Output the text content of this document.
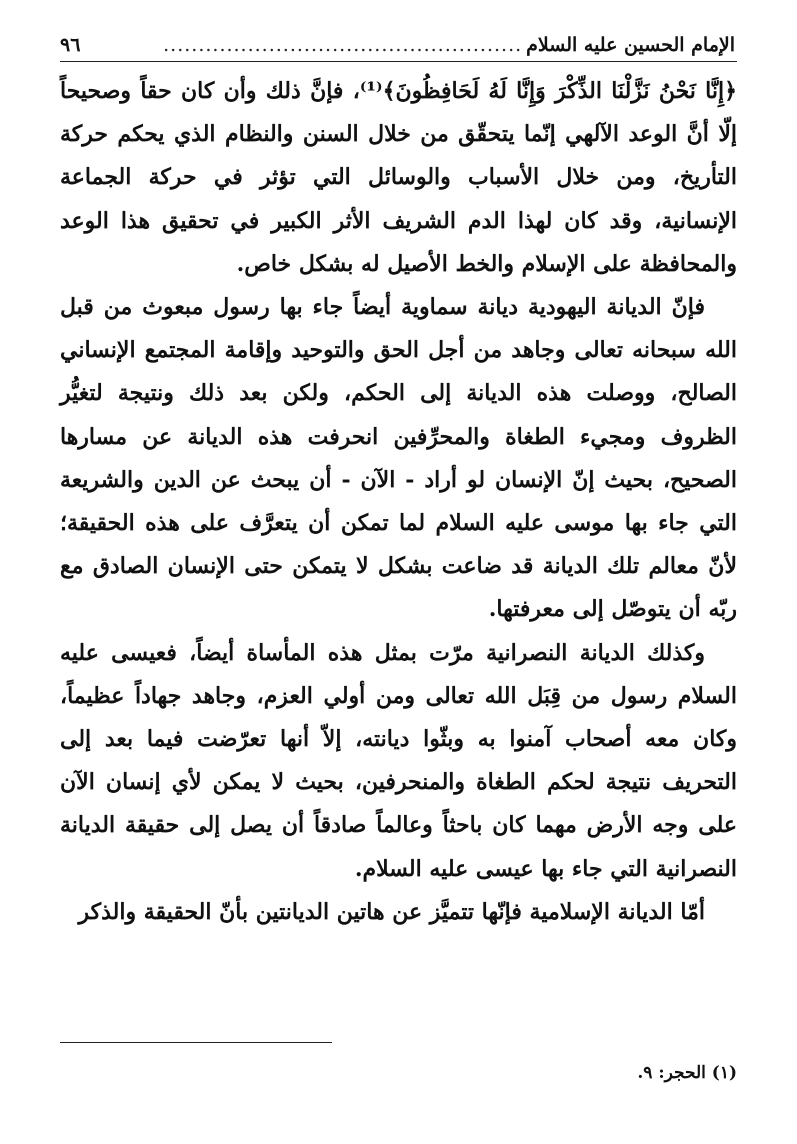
الإمام الحسين عليه السلام
...................................................
٩٦

﴿إِنَّا نَحْنُ نَزَّلْنَا الذِّكْرَ وَإِنَّا لَهُ لَحَافِظُونَ﴾⁽¹⁾، فإنَّ ذلك وأن كان حقاً وصحيحاً إلّا أنَّ الوعد الآلهي إنّما يتحقّق من خلال السنن والنظام الذي يحكم حركة التأريخ، ومن خلال الأسباب والوسائل التي تؤثر في حركة الجماعة الإنسانية، وقد كان لهذا الدم الشريف الأثر الكبير في تحقيق هذا الوعد والمحافظة على الإسلام والخط الأصيل له بشكل خاص.

فإنّ الديانة اليهودية ديانة سماوية أيضاً جاء بها رسول مبعوث من قبل الله سبحانه تعالى وجاهد من أجل الحق والتوحيد وإقامة المجتمع الإنساني الصالح، ووصلت هذه الديانة إلى الحكم، ولكن بعد ذلك ونتيجة لتغيُّر الظروف ومجيء الطغاة والمحرِّفين انحرفت هذه الديانة عن مسارها الصحيح، بحيث إنّ الإنسان لو أراد - الآن - أن يبحث عن الدين والشريعة التي جاء بها موسى عليه السلام لما تمكن أن يتعرَّف على هذه الحقيقة؛ لأنّ معالم تلك الديانة قد ضاعت بشكل لا يتمكن حتى الإنسان الصادق مع ربّه أن يتوصّل إلى معرفتها.

وكذلك الديانة النصرانية مرّت بمثل هذه المأساة أيضاً، فعيسى عليه السلام رسول من قِبَل الله تعالى ومن أولي العزم، وجاهد جهاداً عظيماً، وكان معه أصحاب آمنوا به وبثّوا ديانته، إلاّ أنها تعرّضت فيما بعد إلى التحريف نتيجة لحكم الطغاة والمنحرفين، بحيث لا يمكن لأي إنسان الآن على وجه الأرض مهما كان باحثاً وعالماً صادقاً أن يصل إلى حقيقة الديانة النصرانية التي جاء بها عيسى عليه السلام.

أمّا الديانة الإسلامية فإنّها تتميَّز عن هاتين الديانتين بأنّ الحقيقة والذكر

(١) الحجر: ٩.
